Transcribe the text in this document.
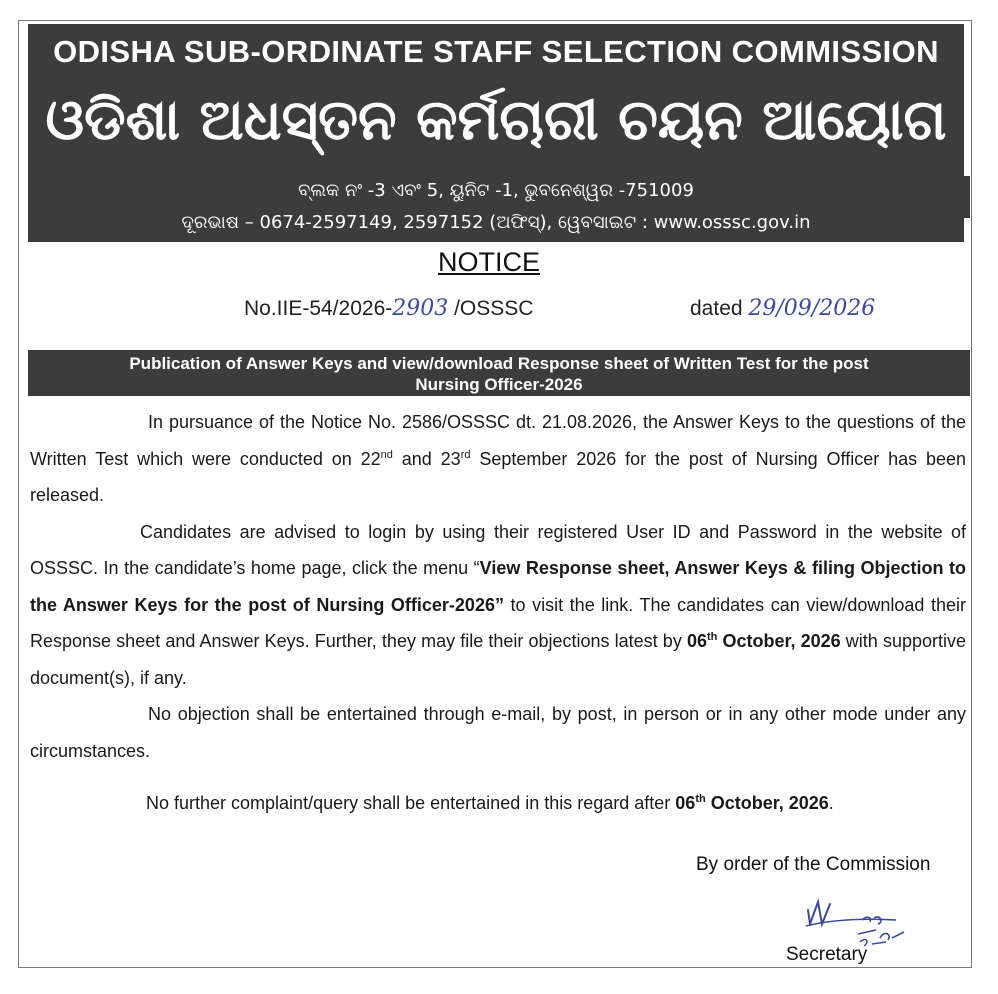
ODISHA SUB-ORDINATE STAFF SELECTION COMMISSION
ଓଡିଶା ଅଧସ୍ତନ କର୍ମଚାରୀ ଚୟନ ଆୟୋଗ
ବ୍ଲକ ନଂ -3 ଏବଂ 5, ୟୁନିଟ -1, ଭୁବନେଶ୍ୱର -751009
ଦୂରଭାଷ – 0674-2597149, 2597152 (ଅଫିସ୍), ୱେବସାଇଟ : www.osssc.gov.in
NOTICE
No.IIE-54/2026-2903 /OSSSC	dated 29/09/2026
Publication of Answer Keys and view/download Response sheet of Written Test for the post
Nursing Officer-2026

In pursuance of the Notice No. 2586/OSSSC dt. 21.08.2026, the Answer Keys to the questions of the Written Test which were conducted on 22nd and 23rd September 2026 for the post of Nursing Officer has been released.

Candidates are advised to login by using their registered User ID and Password in the website of OSSSC. In the candidate’s home page, click the menu “View Response sheet, Answer Keys & filing Objection to the Answer Keys for the post of Nursing Officer-2026” to visit the link. The candidates can view/download their Response sheet and Answer Keys. Further, they may file their objections latest by 06th October, 2026 with supportive document(s), if any.

No objection shall be entertained through e-mail, by post, in person or in any other mode under any circumstances.

No further complaint/query shall be entertained in this regard after 06th October, 2026.

By order of the Commission
Secretary
